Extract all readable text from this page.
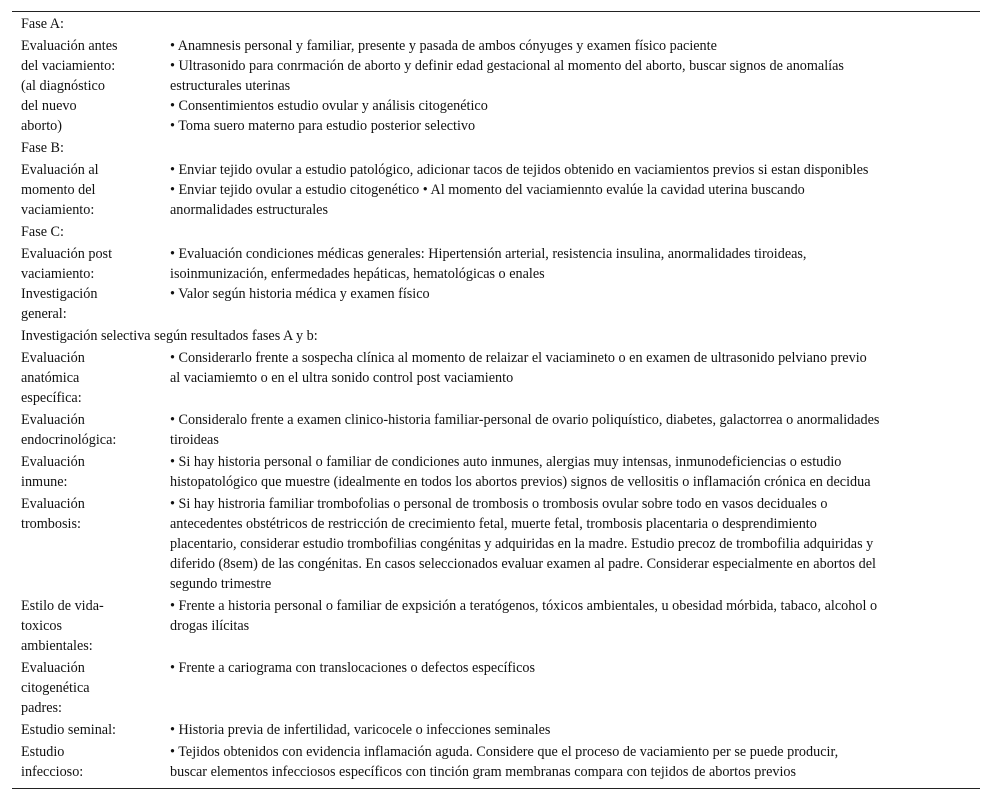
Fase A:
Evaluación antes
del vaciamiento:
(al diagnóstico
del nuevo
aborto)
• Anamnesis personal y familiar, presente y pasada de ambos cónyuges y examen físico paciente
• Ultrasonido para conrmación de aborto y definir edad gestacional al momento del aborto, buscar signos de anomalías
estructurales uterinas
• Consentimientos estudio ovular y análisis citogenético
• Toma suero materno para estudio posterior selectivo
Fase B:
Evaluación al
momento del
vaciamiento:
• Enviar tejido ovular a estudio patológico, adicionar tacos de tejidos obtenido en vaciamientos previos si estan disponibles
• Enviar tejido ovular a estudio citogenético • Al momento del vaciamiennto evalúe la cavidad uterina buscando
anormalidades estructurales
Fase C:
Evaluación post
vaciamiento:
• Evaluación condiciones médicas generales: Hipertensión arterial, resistencia insulina, anormalidades tiroideas,
isoinmunización, enfermedades hepáticas, hematológicas o enales
Investigación
general:
• Valor según historia médica y examen físico
Investigación selectiva según resultados fases A y b:
Evaluación
anatómica
específica:
• Considerarlo frente a sospecha clínica al momento de relaizar el vaciamineto o en examen de ultrasonido pelviano previo
al vaciamiemto o en el ultra sonido control post vaciamiento
Evaluación
endocrinológica:
• Consideralo frente a examen clinico-historia familiar-personal de ovario poliquístico, diabetes, galactorrea o anormalidades
tiroideas
Evaluación
inmune:
• Si hay historia personal o familiar de condiciones auto inmunes, alergias muy intensas, inmunodeficiencias o estudio
histopatológico que muestre (idealmente en todos los abortos previos) signos de vellositis o inflamación crónica en decidua
Evaluación
trombosis:
• Si hay histroria familiar trombofolias o personal de trombosis o trombosis ovular sobre todo en vasos deciduales o
antecedentes obstétricos de restricción de crecimiento fetal, muerte fetal, trombosis placentaria o desprendimiento
placentario, considerar estudio trombofilias congénitas y adquiridas en la madre. Estudio precoz de trombofilia adquiridas y
diferido (8sem) de las congénitas. En casos seleccionados evaluar examen al padre. Considerar especialmente en abortos del
segundo trimestre
Estilo de vida-
toxicos
ambientales:
• Frente a historia personal o familiar de expsición a teratógenos, tóxicos ambientales, u obesidad mórbida, tabaco, alcohol o
drogas ilícitas
Evaluación
citogenética
padres:
• Frente a cariograma con translocaciones o defectos específicos
Estudio seminal:	• Historia previa de infertilidad, varicocele o infecciones seminales
Estudio
infeccioso:
• Tejidos obtenidos con evidencia inflamación aguda. Considere que el proceso de vaciamiento per se puede producir,
buscar elementos infecciosos específicos con tinción gram membranas compara con tejidos de abortos previos
